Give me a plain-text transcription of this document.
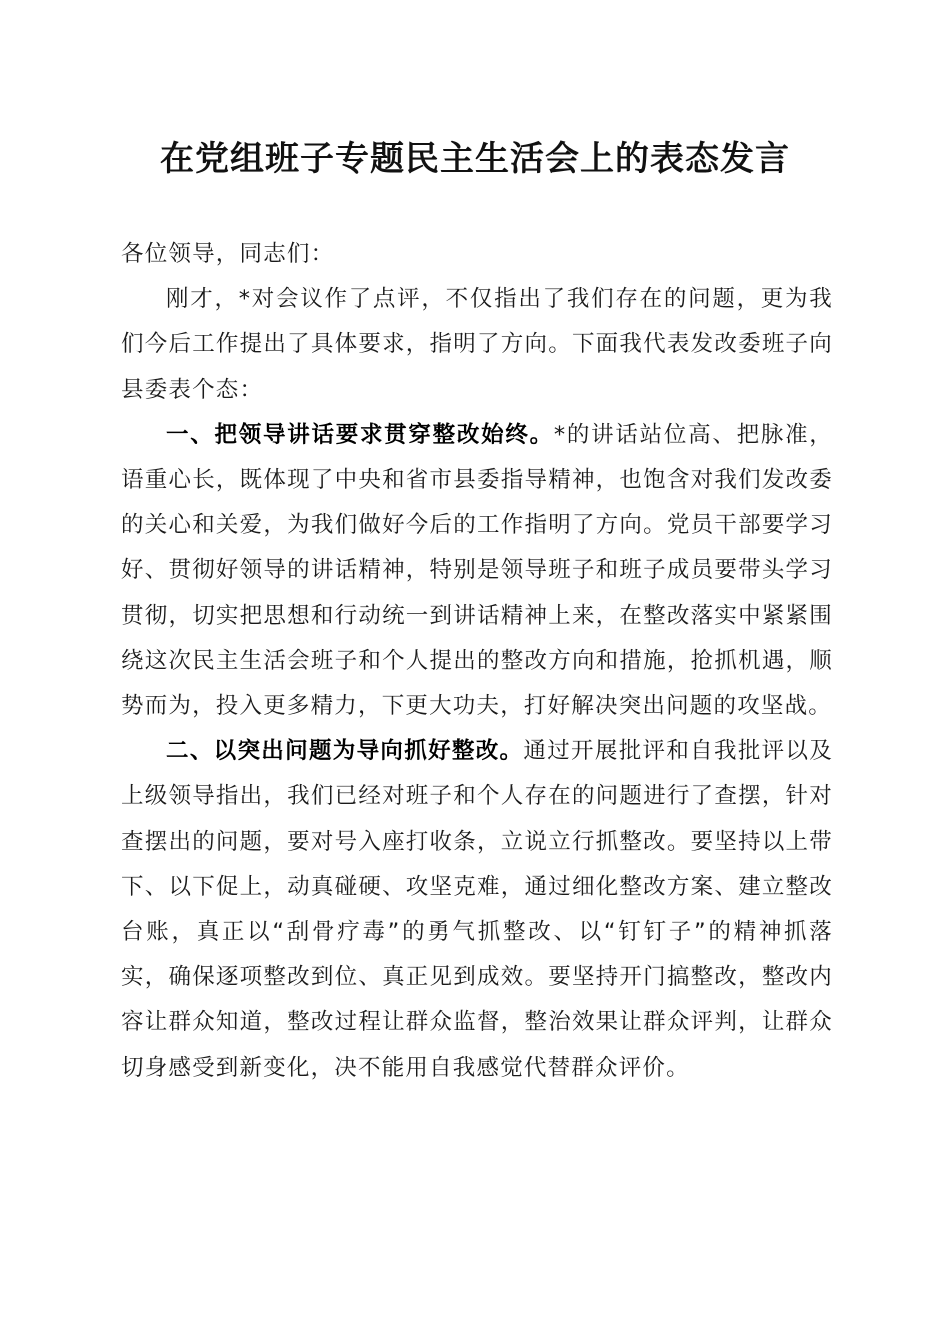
在党组班子专题民主生活会上的表态发言

各位领导，同志们：

刚才，*对会议作了点评，不仅指出了我们存在的问题，更为我们今后工作提出了具体要求，指明了方向。下面我代表发改委班子向县委表个态：

一、把领导讲话要求贯穿整改始终。*的讲话站位高、把脉准，语重心长，既体现了中央和省市县委指导精神，也饱含对我们发改委的关心和关爱，为我们做好今后的工作指明了方向。党员干部要学习好、贯彻好领导的讲话精神，特别是领导班子和班子成员要带头学习贯彻，切实把思想和行动统一到讲话精神上来，在整改落实中紧紧围绕这次民主生活会班子和个人提出的整改方向和措施，抢抓机遇，顺势而为，投入更多精力，下更大功夫，打好解决突出问题的攻坚战。

二、以突出问题为导向抓好整改。通过开展批评和自我批评以及上级领导指出，我们已经对班子和个人存在的问题进行了查摆，针对查摆出的问题，要对号入座打收条，立说立行抓整改。要坚持以上带下、以下促上，动真碰硬、攻坚克难，通过细化整改方案、建立整改台账，真正以“刮骨疗毒”的勇气抓整改、以“钉钉子”的精神抓落实，确保逐项整改到位、真正见到成效。要坚持开门搞整改，整改内容让群众知道，整改过程让群众监督，整治效果让群众评判，让群众切身感受到新变化，决不能用自我感觉代替群众评价。
